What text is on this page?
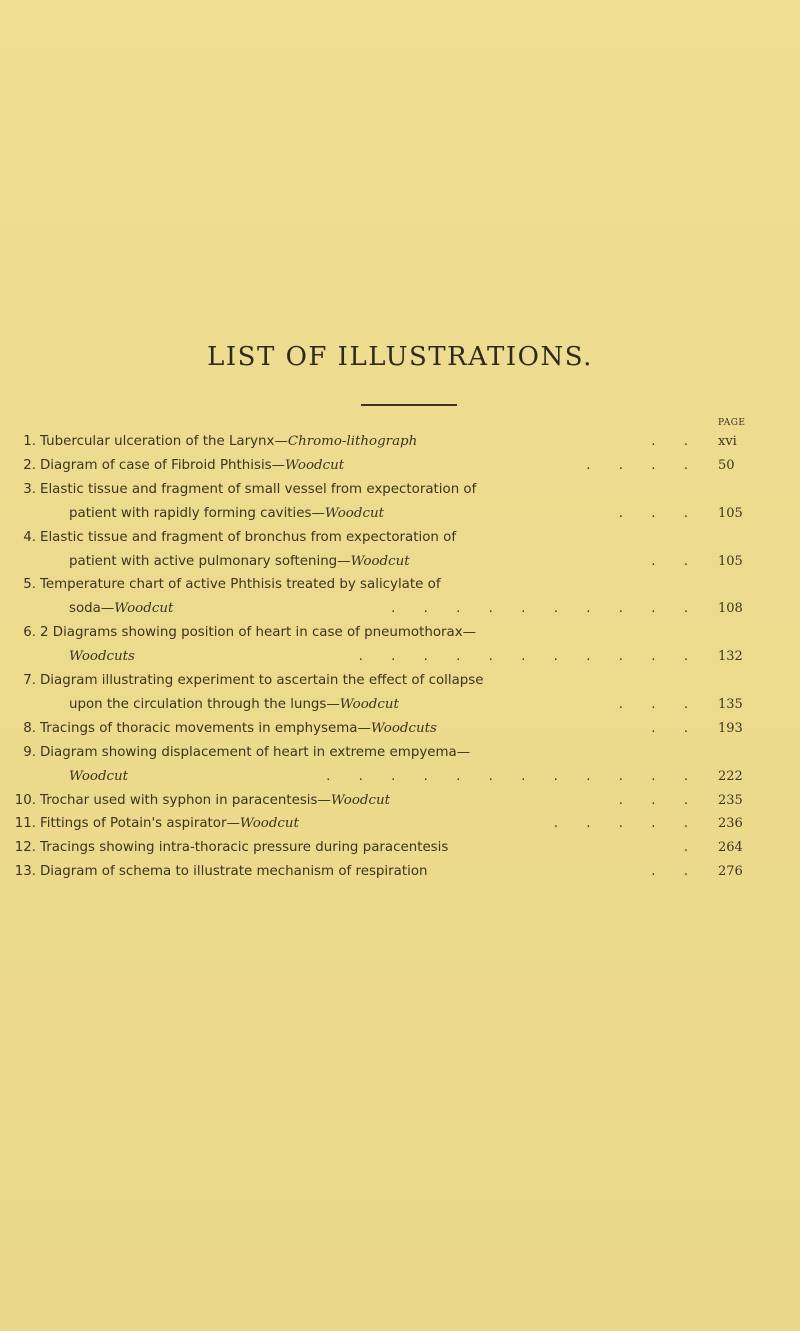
LIST OF ILLUSTRATIONS.
PAGE
1. Tubercular ulceration of the Larynx—Chromo-lithograph	. . xvi
2. Diagram of case of Fibroid Phthisis—Woodcut	. . . . 50
3. Elastic tissue and fragment of small vessel from expectoration of
patient with rapidly forming cavities—Woodcut	. . . 105
4. Elastic tissue and fragment of bronchus from expectoration of
patient with active pulmonary softening—Woodcut	. . 105
5. Temperature chart of active Phthisis treated by salicylate of
soda—Woodcut	. . . . . . . . . . 108
6. 2 Diagrams showing position of heart in case of pneumothorax—
Woodcuts	. . . . . . . . . . . 132
7. Diagram illustrating experiment to ascertain the effect of collapse
upon the circulation through the lungs—Woodcut	. . . 135
8. Tracings of thoracic movements in emphysema—Woodcuts	. . 193
9. Diagram showing displacement of heart in extreme empyema—
Woodcut	. . . . . . . . . . . . 222
10. Trochar used with syphon in paracentesis—Woodcut	. . . 235
11. Fittings of Potain's aspirator—Woodcut	. . . . . 236
12. Tracings showing intra-thoracic pressure during paracentesis	. 264
13. Diagram of schema to illustrate mechanism of respiration	. . 276
